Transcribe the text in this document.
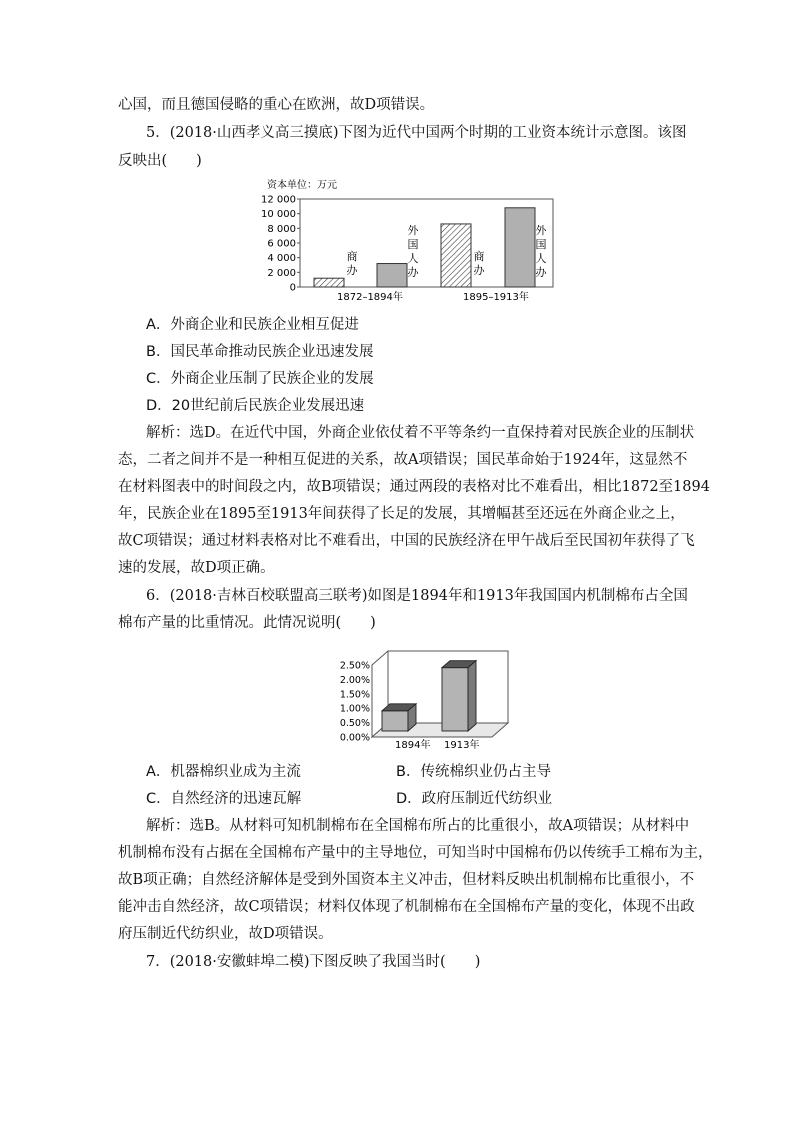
心国，而且德国侵略的重心在欧洲，故D项错误。
5．(2018·山西孝义高三摸底)下图为近代中国两个时期的工业资本统计示意图。该图
反映出(　　)
资本单位：万元
12 000
10 000
8 000
6 000
4 000
2 000
0
商
办
商
办
外
国
人
办
外
国
人
办
1872–1894年	1895–1913年
A．外商企业和民族企业相互促进
B．国民革命推动民族企业迅速发展
C．外商企业压制了民族企业的发展
D．20世纪前后民族企业发展迅速
解析：选D。在近代中国，外商企业依仗着不平等条约一直保持着对民族企业的压制状
态，二者之间并不是一种相互促进的关系，故A项错误；国民革命始于1924年，这显然不
在材料图表中的时间段之内，故B项错误；通过两段的表格对比不难看出，相比1872至1894
年，民族企业在1895至1913年间获得了长足的发展，其增幅甚至还远在外商企业之上，
故C项错误；通过材料表格对比不难看出，中国的民族经济在甲午战后至民国初年获得了飞
速的发展，故D项正确。
6．(2018·吉林百校联盟高三联考)如图是1894年和1913年我国国内机制棉布占全国
棉布产量的比重情况。此情况说明(　　)
2.50%
2.00%
1.50%
1.00%
0.50%
0.00%
1894年 1913年
A．机器棉织业成为主流	B．传统棉织业仍占主导
C．自然经济的迅速瓦解	D．政府压制近代纺织业
解析：选B。从材料可知机制棉布在全国棉布所占的比重很小，故A项错误；从材料中
机制棉布没有占据在全国棉布产量中的主导地位，可知当时中国棉布仍以传统手工棉布为主，
故B项正确；自然经济解体是受到外国资本主义冲击，但材料反映出机制棉布比重很小，不
能冲击自然经济，故C项错误；材料仅体现了机制棉布在全国棉布产量的变化，体现不出政
府压制近代纺织业，故D项错误。
7．(2018·安徽蚌埠二模)下图反映了我国当时(　　)
